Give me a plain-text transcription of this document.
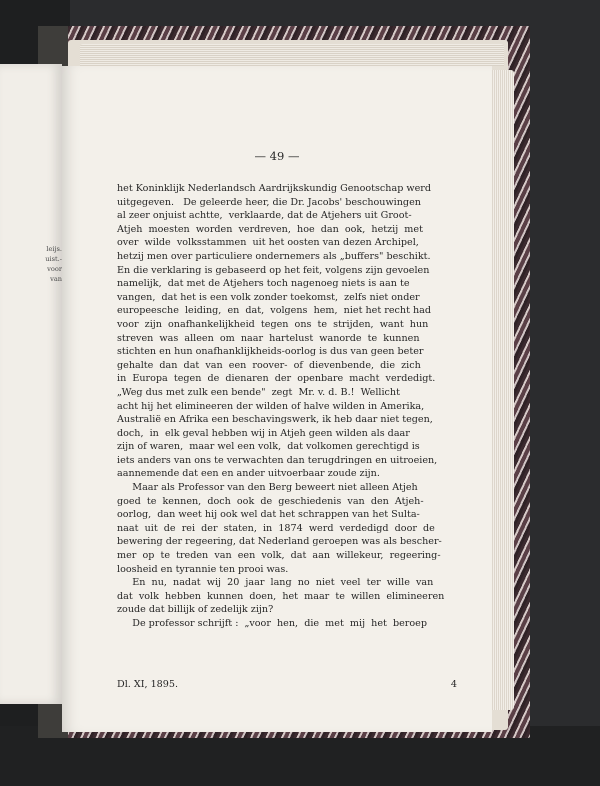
leijs.
uist.-
voor
van
— 49 —
het Koninklijk Nederlandsch Aardrijkskundig Genootschap werd
uitgegeven.   De geleerde heer, die Dr. Jacobs' beschouwingen
al zeer onjuist achtte,  verklaarde, dat de Atjehers uit Groot-
Atjeh  moesten  worden  verdreven,  hoe  dan  ook,  hetzij  met
over  wilde  volksstammen  uit het oosten van dezen Archipel,
hetzij men over particuliere ondernemers als „buffers" beschikt.
En die verklaring is gebaseerd op het feit, volgens zijn gevoelen
namelijk,  dat met de Atjehers toch nagenoeg niets is aan te
vangen,  dat het is een volk zonder toekomst,  zelfs niet onder
europeesche  leiding,  en  dat,  volgens  hem,  niet het recht had
voor  zijn  onafhankelijkheid  tegen  ons  te  strijden,  want  hun
streven  was  alleen  om  naar  hartelust  wanorde  te  kunnen
stichten en hun onafhanklijkheids-oorlog is dus van geen beter
gehalte  dan  dat  van  een  roover-  of  dievenbende,  die  zich
in  Europa  tegen  de  dienaren  der  openbare  macht  verdedigt.
„Weg dus met zulk een bende"  zegt  Mr. v. d. B.!  Wellicht
acht hij het elimineeren der wilden of halve wilden in Amerika,
Australië en Afrika een beschavingswerk, ik heb daar niet tegen,
doch,  in  elk geval hebben wij in Atjeh geen wilden als daar
zijn of waren,  maar wel een volk,  dat volkomen gerechtigd is
iets anders van ons te verwachten dan terugdringen en uitroeien,
aannemende dat een en ander uitvoerbaar zoude zijn.
Maar als Professor van den Berg beweert niet alleen Atjeh
goed  te  kennen,  doch  ook  de  geschiedenis  van  den  Atjeh-
oorlog,  dan weet hij ook wel dat het schrappen van het Sulta-
naat  uit  de  rei  der  staten,  in  1874  werd  verdedigd  door  de
bewering der regeering, dat Nederland geroepen was als bescher-
mer  op  te  treden  van  een  volk,  dat  aan  willekeur,  regeering-
loosheid en tyrannie ten prooi was.
En  nu,  nadat  wij  20  jaar  lang  no  niet  veel  ter  wille  van
dat  volk  hebben  kunnen  doen,  het  maar  te  willen  elimineeren
zoude dat billijk of zedelijk zijn?
De professor schrijft :  „voor  hen,  die  met  mij  het  beroep
Dl. XI, 1895.	4
